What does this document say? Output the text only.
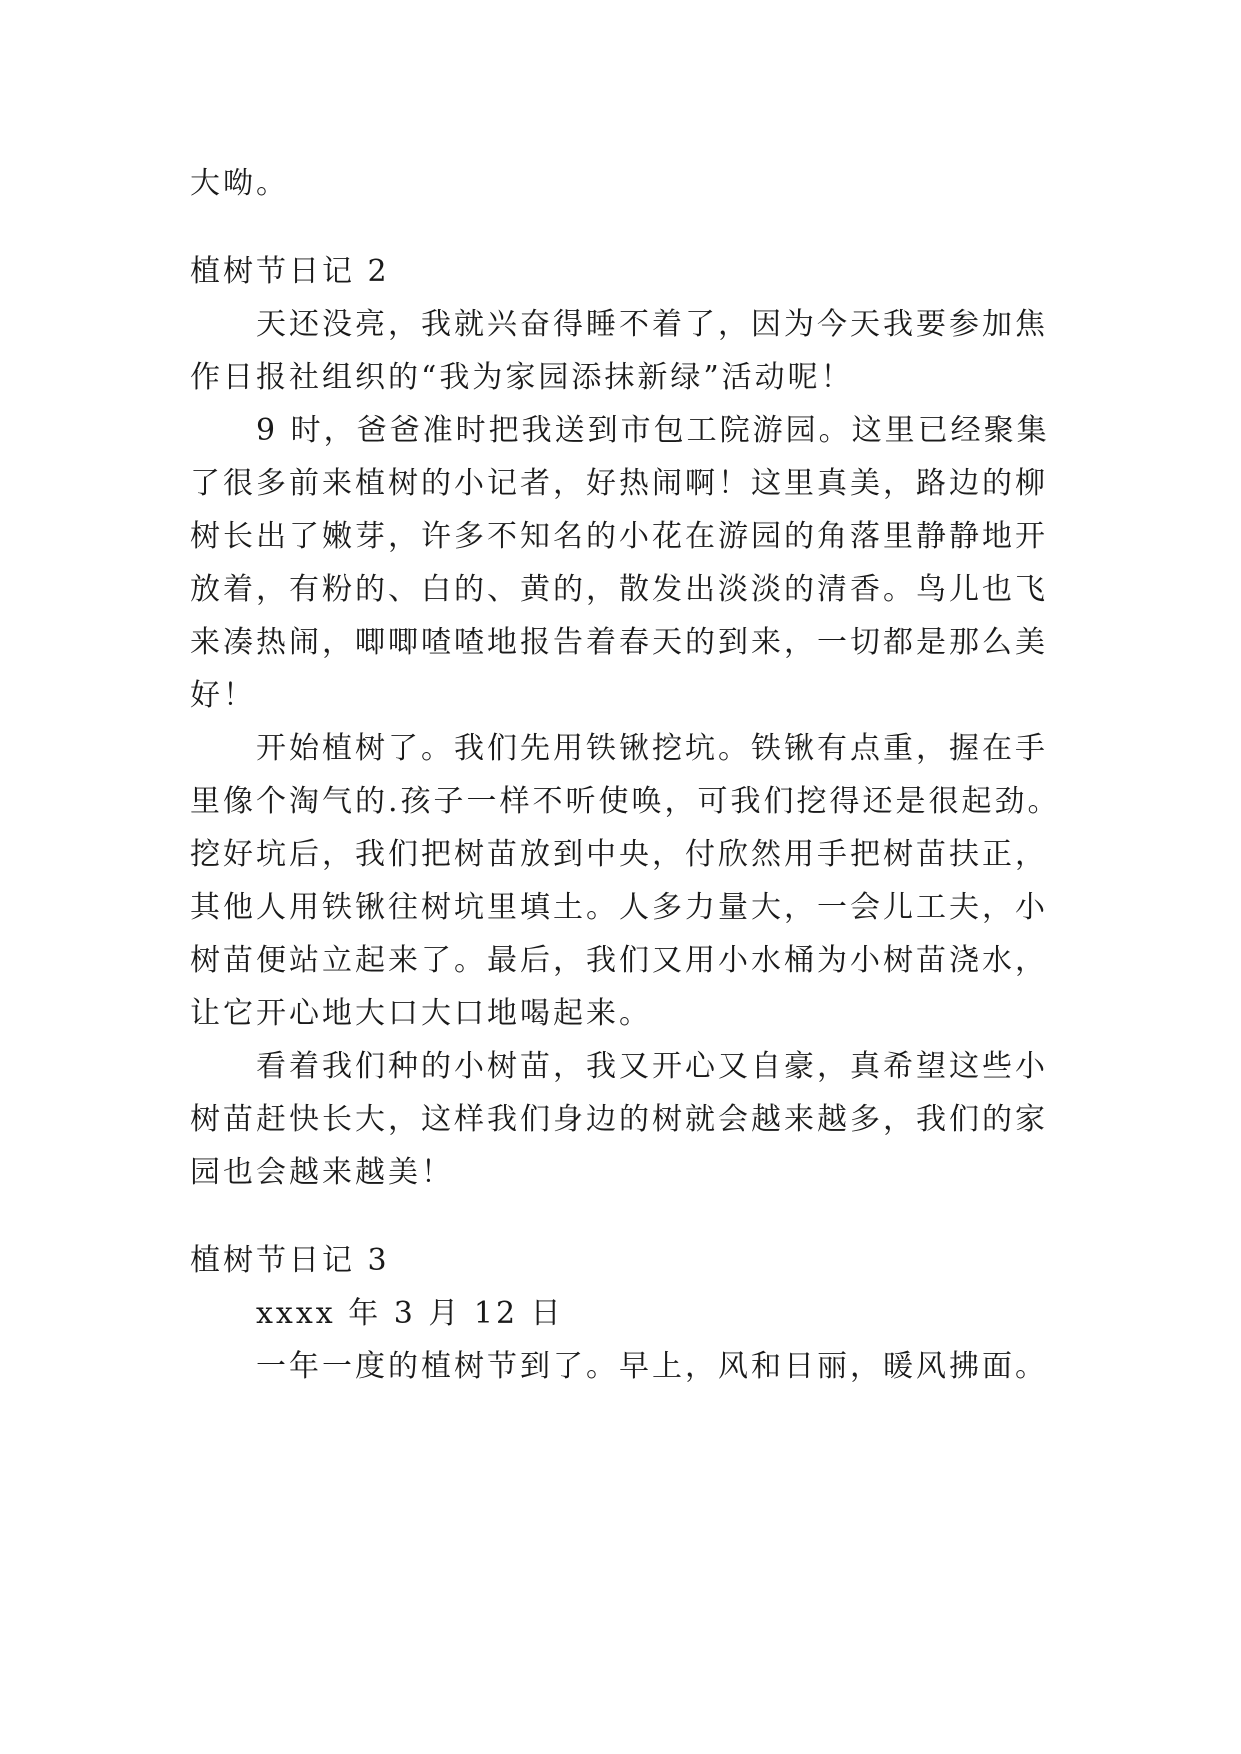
大呦。
植树节日记 2
天还没亮，我就兴奋得睡不着了，因为今天我要参加焦
作日报社组织的“我为家园添抹新绿”活动呢！
9 时，爸爸准时把我送到市包工院游园。这里已经聚集
了很多前来植树的小记者，好热闹啊！这里真美，路边的柳
树长出了嫩芽，许多不知名的小花在游园的角落里静静地开
放着，有粉的、白的、黄的，散发出淡淡的清香。鸟儿也飞
来凑热闹，唧唧喳喳地报告着春天的到来，一切都是那么美
好！
开始植树了。我们先用铁锹挖坑。铁锹有点重，握在手
里像个淘气的.孩子一样不听使唤，可我们挖得还是很起劲。
挖好坑后，我们把树苗放到中央，付欣然用手把树苗扶正，
其他人用铁锹往树坑里填土。人多力量大，一会儿工夫，小
树苗便站立起来了。最后，我们又用小水桶为小树苗浇水，
让它开心地大口大口地喝起来。
看着我们种的小树苗，我又开心又自豪，真希望这些小
树苗赶快长大，这样我们身边的树就会越来越多，我们的家
园也会越来越美！
植树节日记 3
xxxx 年 3 月 12 日
一年一度的植树节到了。早上，风和日丽，暖风拂面。
